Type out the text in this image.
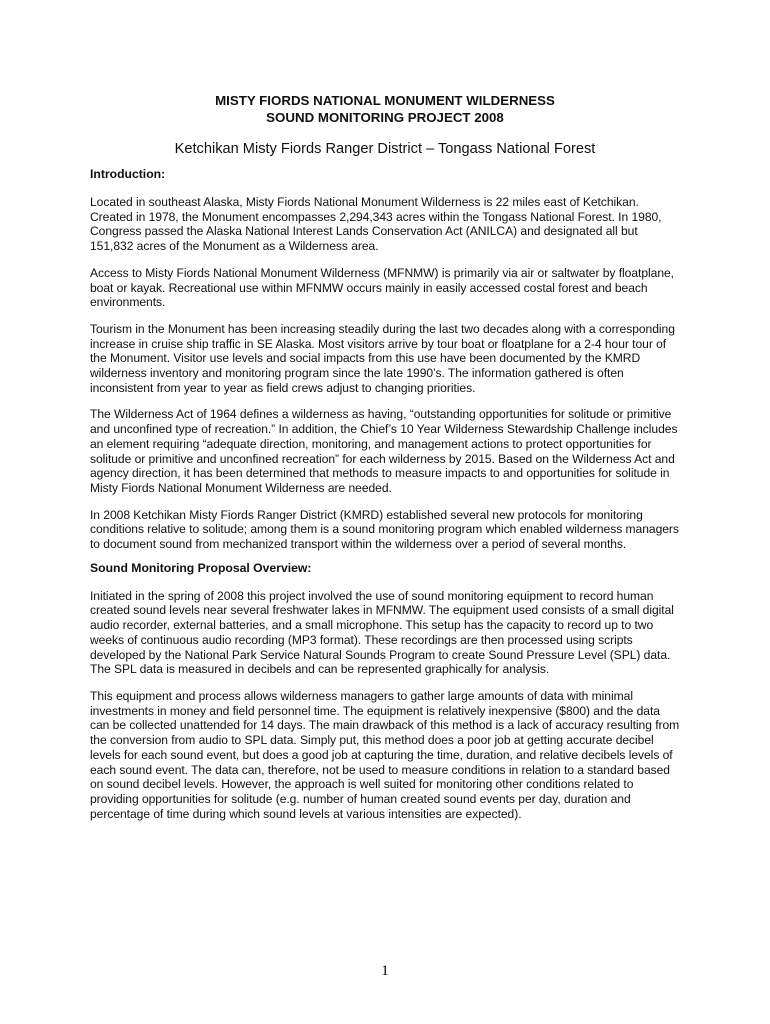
MISTY FIORDS NATIONAL MONUMENT WILDERNESS

SOUND MONITORING PROJECT 2008

Ketchikan Misty Fiords Ranger District – Tongass National Forest

Introduction:

Located in southeast Alaska, Misty Fiords National Monument Wilderness is 22 miles east of Ketchikan. Created in 1978, the Monument encompasses 2,294,343 acres within the Tongass National Forest. In 1980, Congress passed the Alaska National Interest Lands Conservation Act (ANILCA) and designated all but 151,832 acres of the Monument as a Wilderness area.

Access to Misty Fiords National Monument Wilderness (MFNMW) is primarily via air or saltwater by floatplane, boat or kayak. Recreational use within MFNMW occurs mainly in easily accessed costal forest and beach environments.

Tourism in the Monument has been increasing steadily during the last two decades along with a corresponding increase in cruise ship traffic in SE Alaska. Most visitors arrive by tour boat or floatplane for a 2-4 hour tour of the Monument. Visitor use levels and social impacts from this use have been documented by the KMRD wilderness inventory and monitoring program since the late 1990’s. The information gathered is often inconsistent from year to year as field crews adjust to changing priorities.

The Wilderness Act of 1964 defines a wilderness as having, “outstanding opportunities for solitude or primitive and unconfined type of recreation.” In addition, the Chief’s 10 Year Wilderness Stewardship Challenge includes an element requiring “adequate direction, monitoring, and management actions to protect opportunities for solitude or primitive and unconfined recreation” for each wilderness by 2015. Based on the Wilderness Act and agency direction, it has been determined that methods to measure impacts to and opportunities for solitude in Misty Fiords National Monument Wilderness are needed.

In 2008 Ketchikan Misty Fiords Ranger District (KMRD) established several new protocols for monitoring conditions relative to solitude; among them is a sound monitoring program which enabled wilderness managers to document sound from mechanized transport within the wilderness over a period of several months.

Sound Monitoring Proposal Overview:

Initiated in the spring of 2008 this project involved the use of sound monitoring equipment to record human created sound levels near several freshwater lakes in MFNMW. The equipment used consists of a small digital audio recorder, external batteries, and a small microphone. This setup has the capacity to record up to two weeks of continuous audio recording (MP3 format). These recordings are then processed using scripts developed by the National Park Service Natural Sounds Program to create Sound Pressure Level (SPL) data. The SPL data is measured in decibels and can be represented graphically for analysis.

This equipment and process allows wilderness managers to gather large amounts of data with minimal investments in money and field personnel time. The equipment is relatively inexpensive ($800) and the data can be collected unattended for 14 days. The main drawback of this method is a lack of accuracy resulting from the conversion from audio to SPL data. Simply put, this method does a poor job at getting accurate decibel levels for each sound event, but does a good job at capturing the time, duration, and relative decibels levels of each sound event. The data can, therefore, not be used to measure conditions in relation to a standard based on sound decibel levels. However, the approach is well suited for monitoring other conditions related to providing opportunities for solitude (e.g. number of human created sound events per day, duration and percentage of time during which sound levels at various intensities are expected).

1
